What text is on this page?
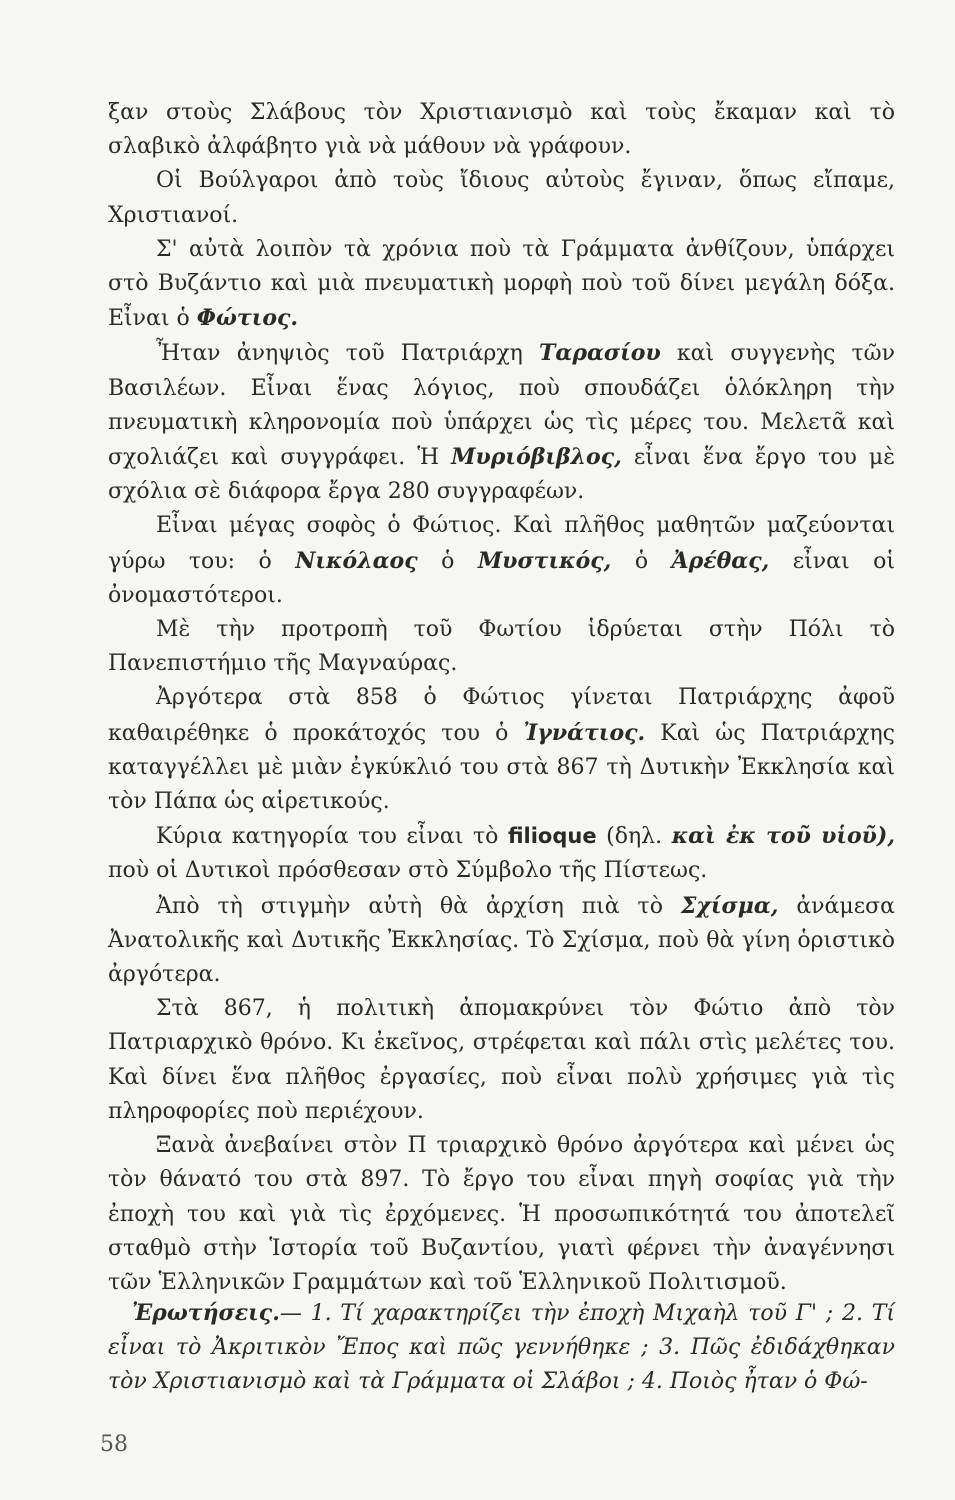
ξαν στοὺς Σλάβους τὸν Χριστιανισμὸ καὶ τοὺς ἔκαμαν καὶ τὸ σλαβικὸ ἀλφάβητο γιὰ νὰ μάθουν νὰ γράφουν.

Οἱ Βούλγαροι ἀπὸ τοὺς ἴδιους αὐτοὺς ἔγιναν, ὅπως εἴπαμε, Χριστιανοί.

Σ' αὐτὰ λοιπὸν τὰ χρόνια ποὺ τὰ Γράμματα ἀνθίζουν, ὑπάρχει στὸ Βυζάντιο καὶ μιὰ πνευματικὴ μορφὴ ποὺ τοῦ δίνει μεγάλη δόξα. Εἶναι ὁ Φώτιος.

Ἦταν ἀνηψιὸς τοῦ Πατριάρχη Ταρασίου καὶ συγγενὴς τῶν Βασιλέων. Εἶναι ἕνας λόγιος, ποὺ σπουδάζει ὁλόκληρη τὴν πνευματικὴ κληρονομία ποὺ ὑπάρχει ὡς τὶς μέρες του. Μελετᾶ καὶ σχολιάζει καὶ συγγράφει. Ἡ Μυριόβιβλος, εἶναι ἕνα ἔργο του μὲ σχόλια σὲ διάφορα ἔργα 280 συγγραφέων.

Εἶναι μέγας σοφὸς ὁ Φώτιος. Καὶ πλῆθος μαθητῶν μαζεύονται γύρω του: ὁ Νικόλαος ὁ Μυστικός, ὁ Ἀρέθας, εἶναι οἱ ὀνομαστότεροι.

Μὲ τὴν προτροπὴ τοῦ Φωτίου ἱδρύεται στὴν Πόλι τὸ Πανεπιστήμιο τῆς Μαγναύρας.

Ἀργότερα στὰ 858 ὁ Φώτιος γίνεται Πατριάρχης ἀφοῦ καθαιρέθηκε ὁ προκάτοχός του ὁ Ἰγνάτιος. Καὶ ὡς Πατριάρχης καταγγέλλει μὲ μιὰν ἐγκύκλιό του στὰ 867 τὴ Δυτικὴν Ἐκκλησία καὶ τὸν Πάπα ὡς αἱρετικούς.

Κύρια κατηγορία του εἶναι τὸ filioque (δηλ. καὶ ἐκ τοῦ υἱοῦ), ποὺ οἱ Δυτικοὶ πρόσθεσαν στὸ Σύμβολο τῆς Πίστεως.

Ἀπὸ τὴ στιγμὴν αὐτὴ θὰ ἀρχίση πιὰ τὸ Σχίσμα, ἀνάμεσα Ἀνατολικῆς καὶ Δυτικῆς Ἐκκλησίας. Τὸ Σχίσμα, ποὺ θὰ γίνη ὁριστικὸ ἀργότερα.

Στὰ 867, ἡ πολιτικὴ ἀπομακρύνει τὸν Φώτιο ἀπὸ τὸν Πατριαρχικὸ θρόνο. Κι ἐκεῖνος, στρέφεται καὶ πάλι στὶς μελέτες του. Καὶ δίνει ἕνα πλῆθος ἐργασίες, ποὺ εἶναι πολὺ χρήσιμες γιὰ τὶς πληροφορίες ποὺ περιέχουν.

Ξανὰ ἀνεβαίνει στὸν Π τριαρχικὸ θρόνο ἀργότερα καὶ μένει ὡς τὸν θάνατό του στὰ 897. Τὸ ἔργο του εἶναι πηγὴ σοφίας γιὰ τὴν ἐποχὴ του καὶ γιὰ τὶς ἐρχόμενες. Ἡ προσωπικότητά του ἀποτελεῖ σταθμὸ στὴν Ἱστορία τοῦ Βυζαντίου, γιατὶ φέρνει τὴν ἀναγέννησι τῶν Ἑλληνικῶν Γραμμάτων καὶ τοῦ Ἑλληνικοῦ Πολιτισμοῦ.

Ἐρωτήσεις.— 1. Τί χαρακτηρίζει τὴν ἐποχὴ Μιχαὴλ τοῦ Γ' ; 2. Τί εἶναι τὸ Ἀκριτικὸν Ἔπος καὶ πῶς γεννήθηκε ; 3. Πῶς ἐδιδάχθηκαν τὸν Χριστιανισμὸ καὶ τὰ Γράμματα οἱ Σλάβοι ; 4. Ποιὸς ἦταν ὁ Φώ-

58
